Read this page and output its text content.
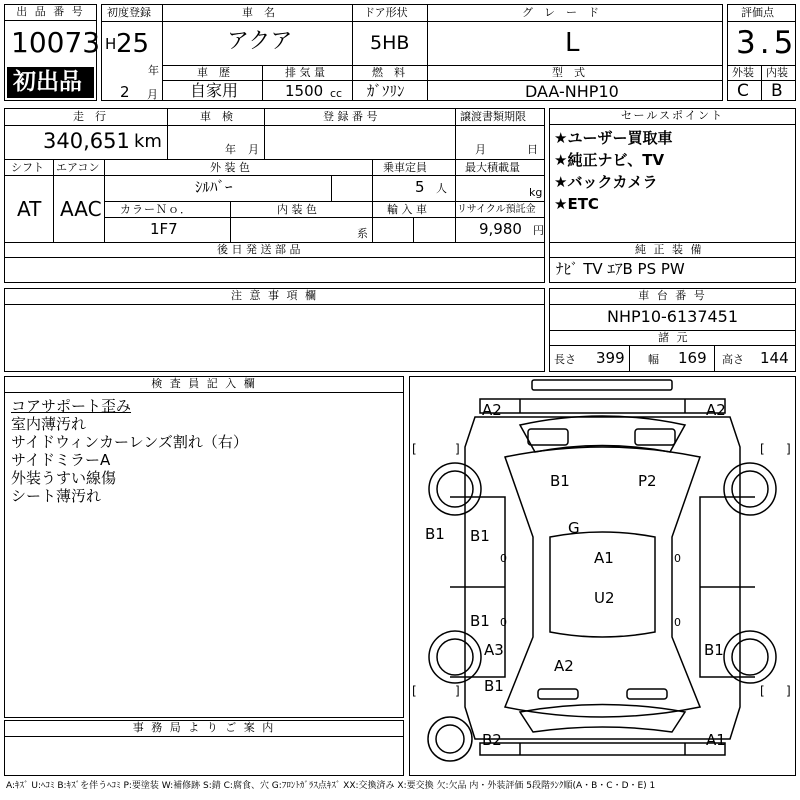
出 品 番 号
10073
初出品
初度登録
H 25
年
2 月
車　名
アクア
ドア形状
5HB
グ　レ　ー　ド
L
車　歴
自家用
排 気 量
1500 cc
燃　料
ｶﾞｿﾘﾝ
型　式
DAA-NHP10
評価点
3.5
外装 内装
C B
走　行
340,651 km
車　検
年 月
登 録 番 号	譲渡書類期限
月	日
シフト
AT
エアコン
AAC
外 装 色
ｼﾙﾊﾞｰ
乗車定員
5 人
最大積載量
kg
カラーＮｏ．
1F7
内 装 色
系
輸 入 車	リサイクル預託金
9,980 円
後 日 発 送 部 品
セールスポイント
★ユーザー買取車
★純正ナビ、TV
★バックカメラ
★ETC
純 正 装 備
ﾅﾋﾞ TV ｴｱB PS PW
注 意 事 項 欄	車 台 番 号
NHP10-6137451
諸 元
長さ 399 幅 169 高さ 144
検 査 員 記 入 欄
コアサポート歪み
室内薄汚れ
サイドウィンカーレンズ割れ（右）
サイドミラーA
外装うすい線傷
シート薄汚れ
事 務 局 よ り ご 案 内
A2	A2
B1	P2
B1 B1	G
A1
U2
B1
A3	B1
A2
B1
B2	A1
0	0
0	0
[	]	[ ]
[	]	[ ]
A:ｷｽﾞ U:ﾍｺﾐ B:ｷｽﾞを伴うﾍｺﾐ P:要塗装 W:補修跡 S:錆 C:腐食、穴 G:ﾌﾛﾝﾄｶﾞﾗｽ点ｷｽﾞ XX:交換済み X:要交換 欠:欠品 内・外装評価 5段階ﾗﾝｸ順(A・B・C・D・E) 1
